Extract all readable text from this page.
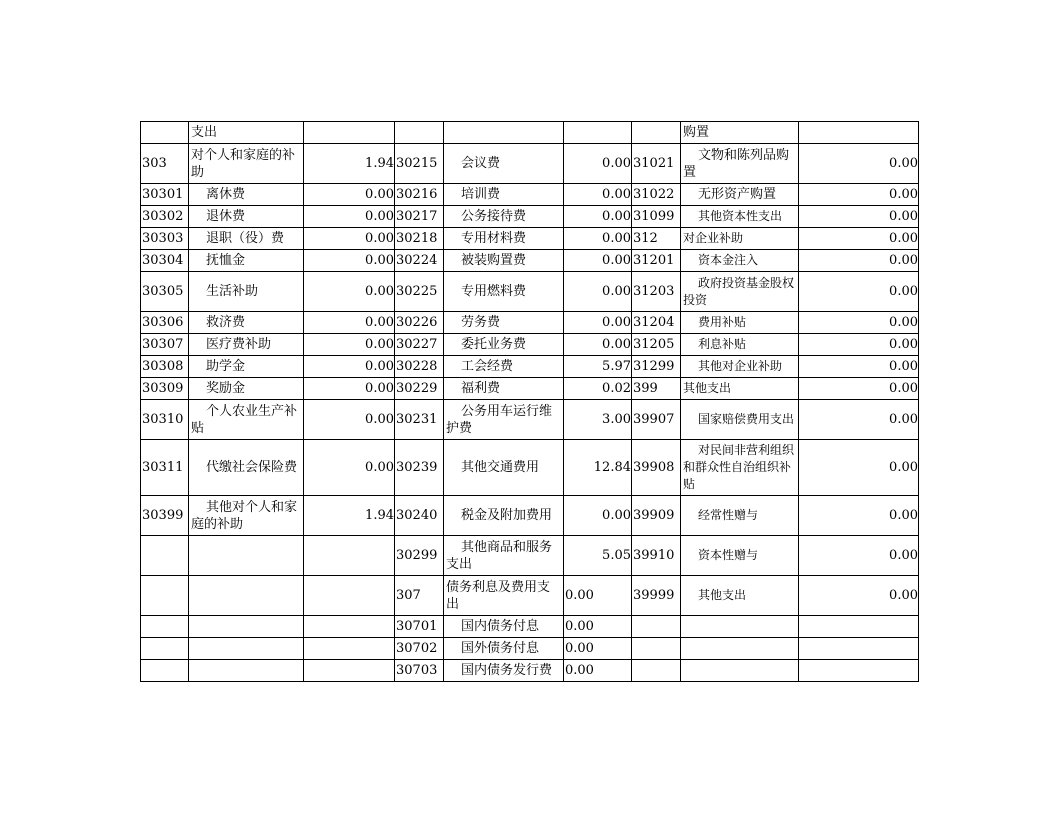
	支出						购置	
303	对个人和家庭的补助	1.94	30215	会议费	0.00	31021	文物和陈列品购置	0.00
30301	离休费	0.00	30216	培训费	0.00	31022	无形资产购置	0.00
30302	退休费	0.00	30217	公务接待费	0.00	31099	其他资本性支出	0.00
30303	退职（役）费	0.00	30218	专用材料费	0.00	312	对企业补助	0.00
30304	抚恤金	0.00	30224	被装购置费	0.00	31201	资本金注入	0.00
30305	生活补助	0.00	30225	专用燃料费	0.00	31203	政府投资基金股权投资	0.00
30306	救济费	0.00	30226	劳务费	0.00	31204	费用补贴	0.00
30307	医疗费补助	0.00	30227	委托业务费	0.00	31205	利息补贴	0.00
30308	助学金	0.00	30228	工会经费	5.97	31299	其他对企业补助	0.00
30309	奖励金	0.00	30229	福利费	0.02	399	其他支出	0.00
30310	个人农业生产补贴	0.00	30231	公务用车运行维护费	3.00	39907	国家赔偿费用支出	0.00
30311	代缴社会保险费	0.00	30239	其他交通费用	12.84	39908	对民间非营利组织和群众性自治组织补贴	0.00
30399	其他对个人和家庭的补助	1.94	30240	税金及附加费用	0.00	39909	经常性赠与	0.00
			30299	其他商品和服务支出	5.05	39910	资本性赠与	0.00
			307	债务利息及费用支出	0.00	39999	其他支出	0.00
			30701	国内债务付息	0.00			
			30702	国外债务付息	0.00			
			30703	国内债务发行费	0.00			
